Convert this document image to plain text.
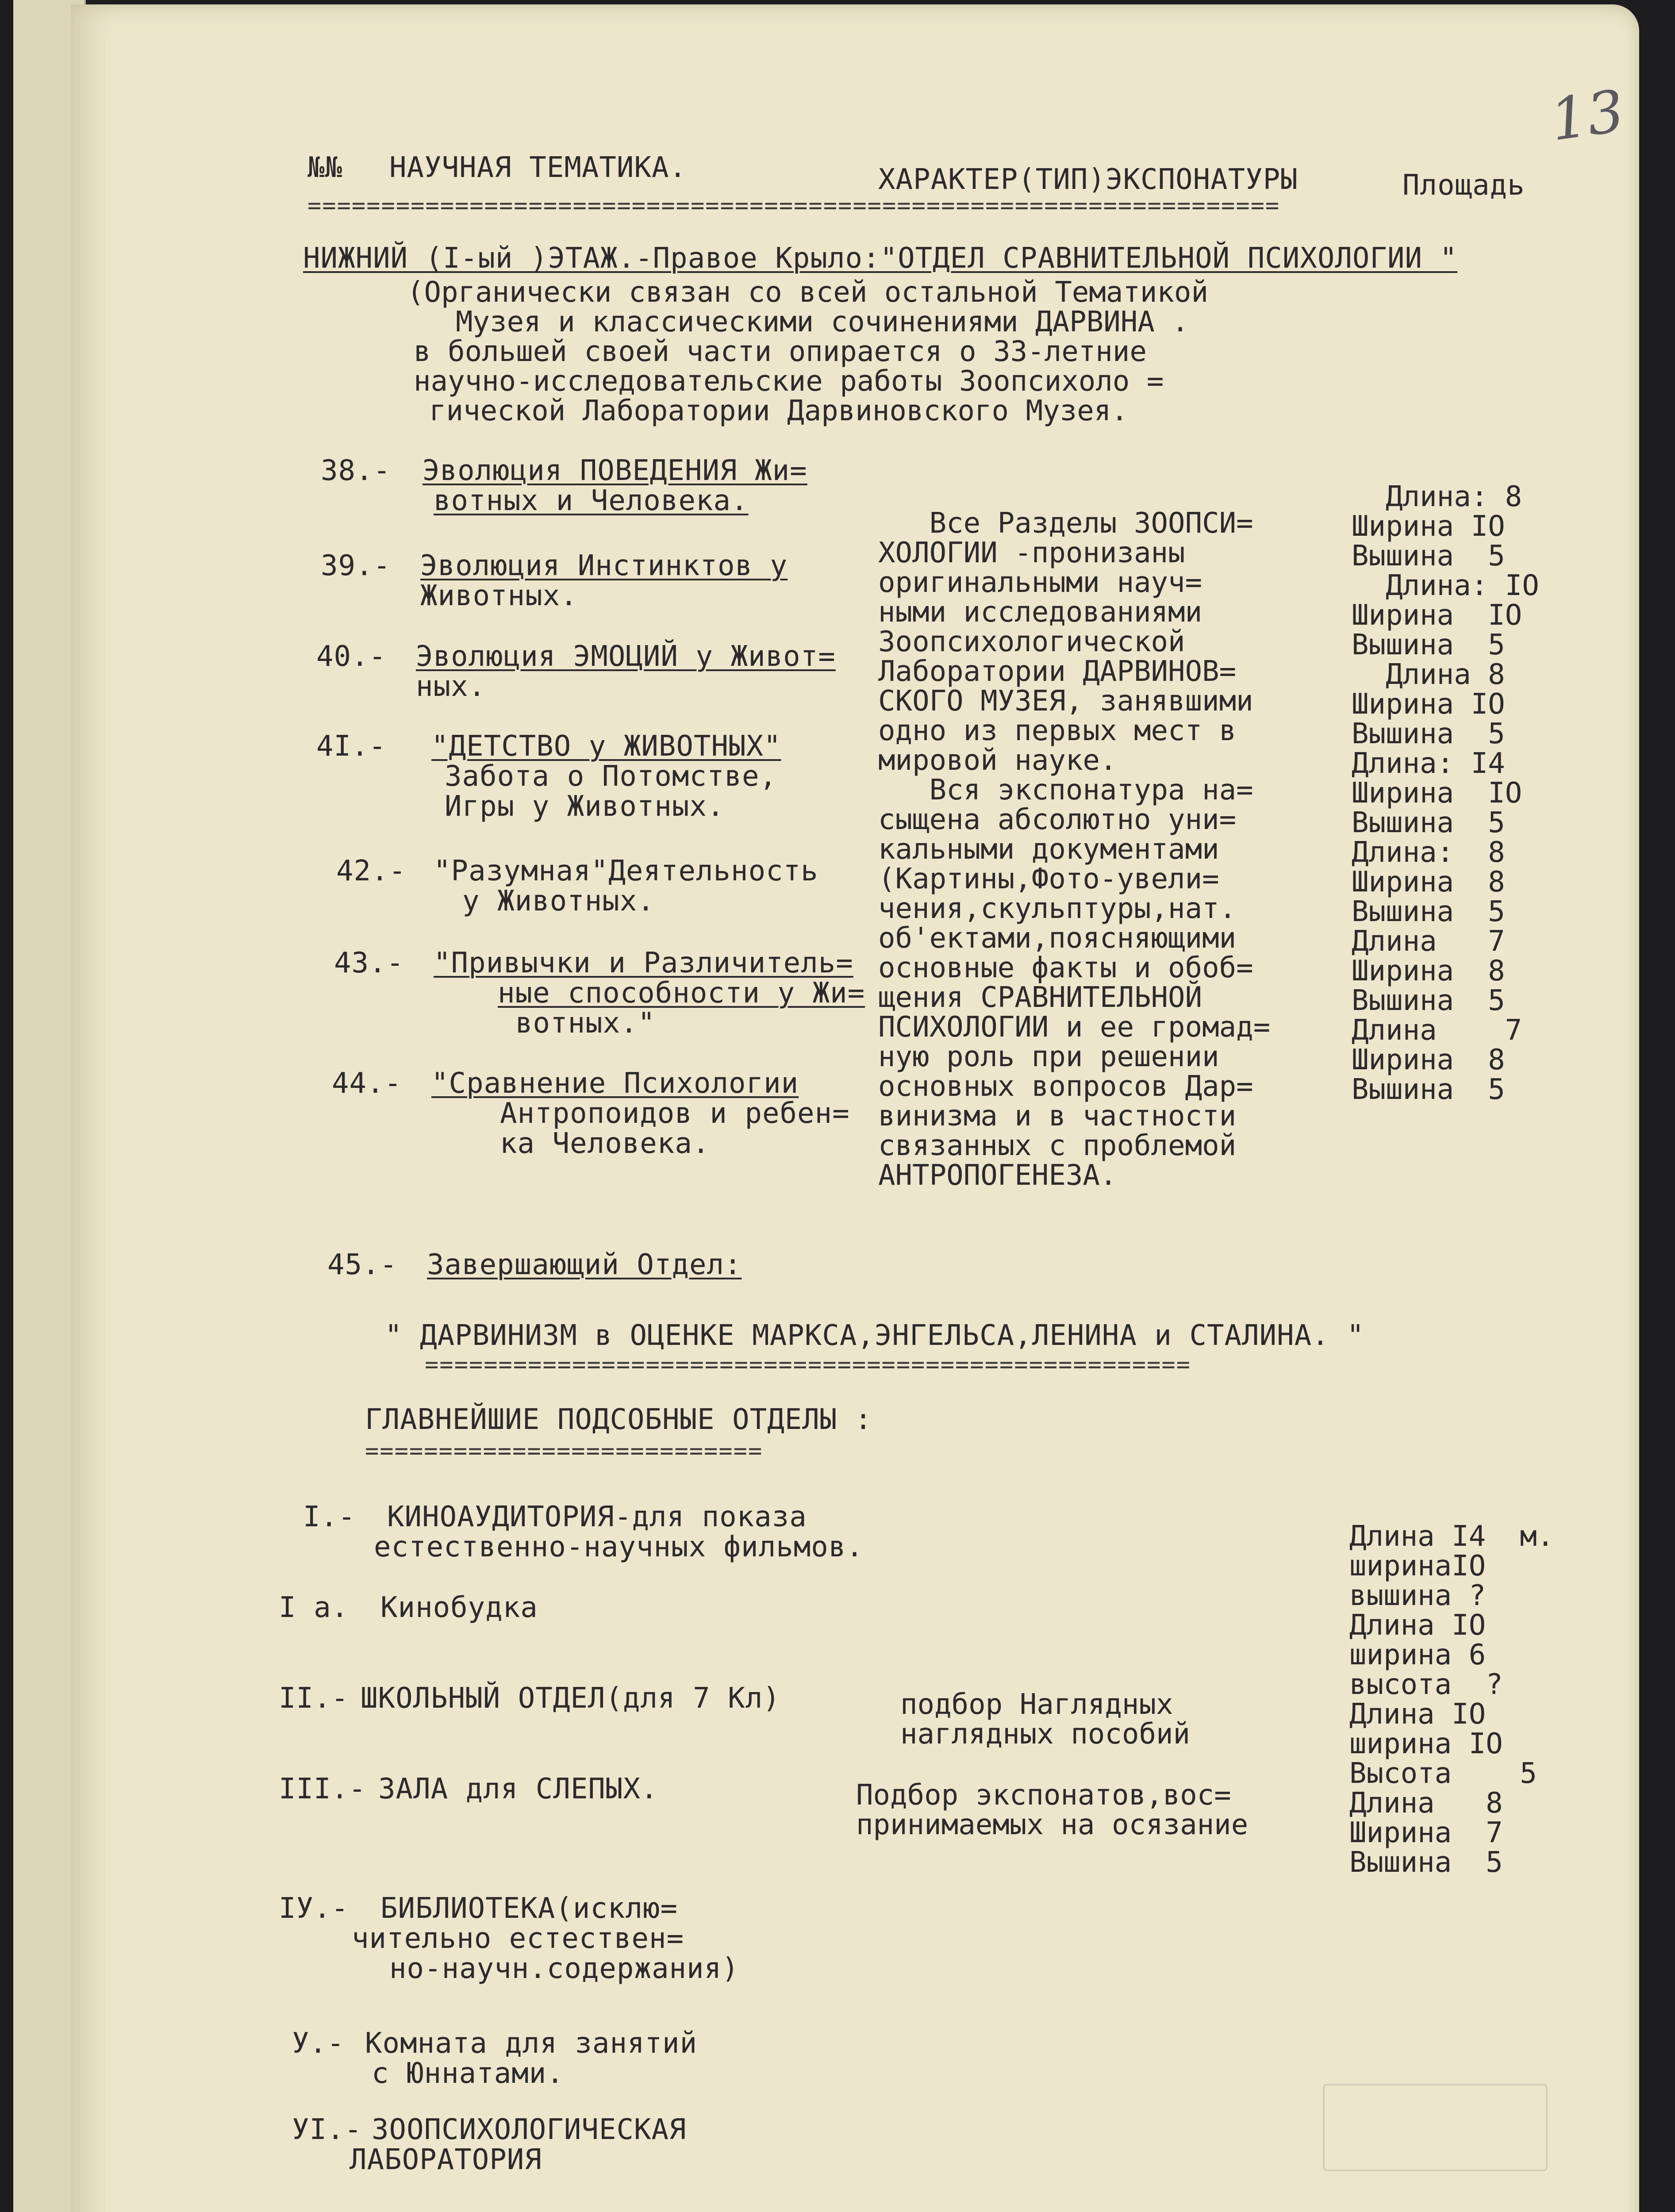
13
№№ НАУЧНАЯ ТЕМАТИКА.	ХАРАКТЕР(ТИП)ЭКСПОНАТУРЫ	Площадь
==================================================================
НИЖНИЙ (I-ый )ЭТАЖ.-Правое Крыло:"ОТДЕЛ СРАВНИТЕЛЬНОЙ ПСИХОЛОГИИ "
(Органически связан со всей остальной Тематикой
Музея и классическими сочинениями ДАРВИНА .
в большей своей части опирается о 33-летние
научно-исследовательские работы Зоопсихоло =
гической Лаборатории Дарвиновского Музея.

38.-

Эволюция ПОВЕДЕНИЯ Жи=

вотных и Человека.

39.-

Эволюция Инстинктов у

Животных.

40.-

Эволюция ЭМОЦИЙ у Живот=

ных.

4I.-

"ДЕТСТВО у ЖИВОТНЫХ"

Забота о Потомстве,

Игры у Животных.

42.-

"Разумная"Деятельность

у Животных.

43.-

"Привычки и Различитель=

ные способности у Жи=

вотных."

44.-

"Сравнение Психологии

Антропоидов и ребен=

ка Человека.

Все Разделы ЗООПСИ=
ХОЛОГИИ -пронизаны
оригинальными науч=
ными исследованиями
Зоопсихологической
Лаборатории ДАРВИНОВ=
СКОГО МУЗЕЯ, занявшими
одно из первых мест в
мировой науке.
Вся экспонатура на=
сыщена абсолютно уни=
кальными документами
(Картины,Фото-увели=
чения,скульптуры,нат.
об'ектами,поясняющими
основные факты и обоб=
щения СРАВНИТЕЛЬНОЙ
ПСИХОЛОГИИ и ее громад=
ную роль при решении
основных вопросов Дар=
винизма и в частности
связанных с проблемой
АНТРОПОГЕНЕЗА.
Длина: 8
Ширина IO
Вышина  5
Длина: IO
Ширина  IO
Вышина  5
Длина 8
Ширина IO
Вышина  5
Длина: I4
Ширина  IO
Вышина  5
Длина:  8
Ширина  8
Вышина  5
Длина   7
Ширина  8
Вышина  5
Длина    7
Ширина  8
Вышина  5
45.- Завершающий Отдел:
" ДАРВИНИЗМ в ОЦЕНКЕ МАРКСА,ЭНГЕЛЬСА,ЛЕНИНА и СТАЛИНА. "
====================================================
ГЛАВНЕЙШИЕ ПОДСОБНЫЕ ОТДЕЛЫ :
===========================

I.-

КИНОАУДИТОРИЯ-для показа

естественно-научных фильмов.

I а.

Кинобудка

II.-

ШКОЛЬНЫЙ ОТДЕЛ(для 7 Кл)

III.-

ЗАЛА для СЛЕПЫХ.

IУ.-

БИБЛИОТЕКА(исклю=

чительно естествен=

но-научн.содержания)

У.-

Комната для занятий

с Юннатами.

УI.-

ЗООПСИХОЛОГИЧЕСКАЯ

ЛАБОРАТОРИЯ

подбор Наглядных
наглядных пособий
Подбор экспонатов,вос=
принимаемых на осязание
Длина I4  м.
ширинаIO
вышина ?
Длина IO
ширина 6
высота  ?
Длина IO
ширина IO
Высота    5
Длина   8
Ширина  7
Вышина  5
